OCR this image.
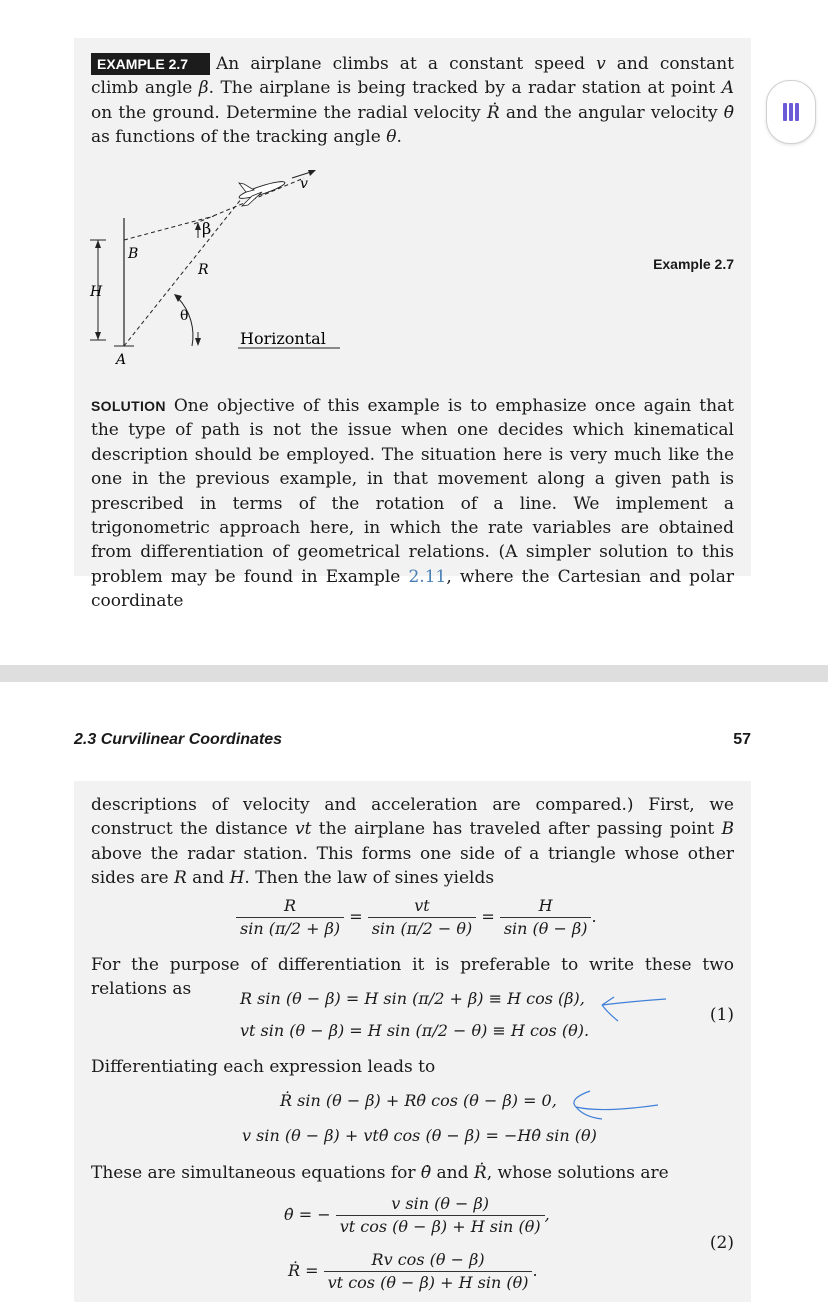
EXAMPLE 2.7 An airplane climbs at a constant speed v and constant climb angle β. The airplane is being tracked by a radar station at point A on the ground. Determine the radial velocity Ṙ and the angular velocity θ̇ as functions of the tracking angle θ.
v
β
B
R
H
θ
Horizontal
A
Example 2.7
SOLUTION One objective of this example is to emphasize once again that the type of path is not the issue when one decides which kinematical description should be employed. The situation here is very much like the one in the previous example, in that movement along a given path is prescribed in terms of the rotation of a line. We implement a trigonometric approach here, in which the rate variables are obtained from differentiation of geometrical relations. (A simpler solution to this problem may be found in Example 2.11, where the Cartesian and polar coordinate
2.3 Curvilinear Coordinates	57
descriptions of velocity and acceleration are compared.) First, we construct the distance vt the airplane has traveled after passing point B above the radar station. This forms one side of a triangle whose other sides are R and H. Then the law of sines yields
$\frac{R}{\sin (\pi/2 + \beta)} = \frac{vt}{\sin (\pi/2 - \theta)} = \frac{H}{\sin (\theta - \beta)}$ .
For the purpose of differentiation it is preferable to write these two relations as	R sin (θ − β) = H sin (π/2 + β) ≡ H cos (β),
vt sin (θ − β) = H sin (π/2 − θ) ≡ H cos (θ).
(1)
Differentiating each expression leads to
Ṙ sin (θ − β) + Rθ̇ cos (θ − β) = 0,
v sin (θ − β) + vtθ̇ cos (θ − β) = −Hθ̇ sin (θ)
These are simultaneous equations for θ̇ and Ṙ, whose solutions are
θ̇ = − $\frac{\text{v sin (θ − β)}}{\text{vt cos (θ − β) + H sin (θ)}}$ ,
Ṙ = $\frac{\text{Rv cos (θ − β)}}{\text{vt cos (θ − β) + H sin (θ)}}$ .
(2)
